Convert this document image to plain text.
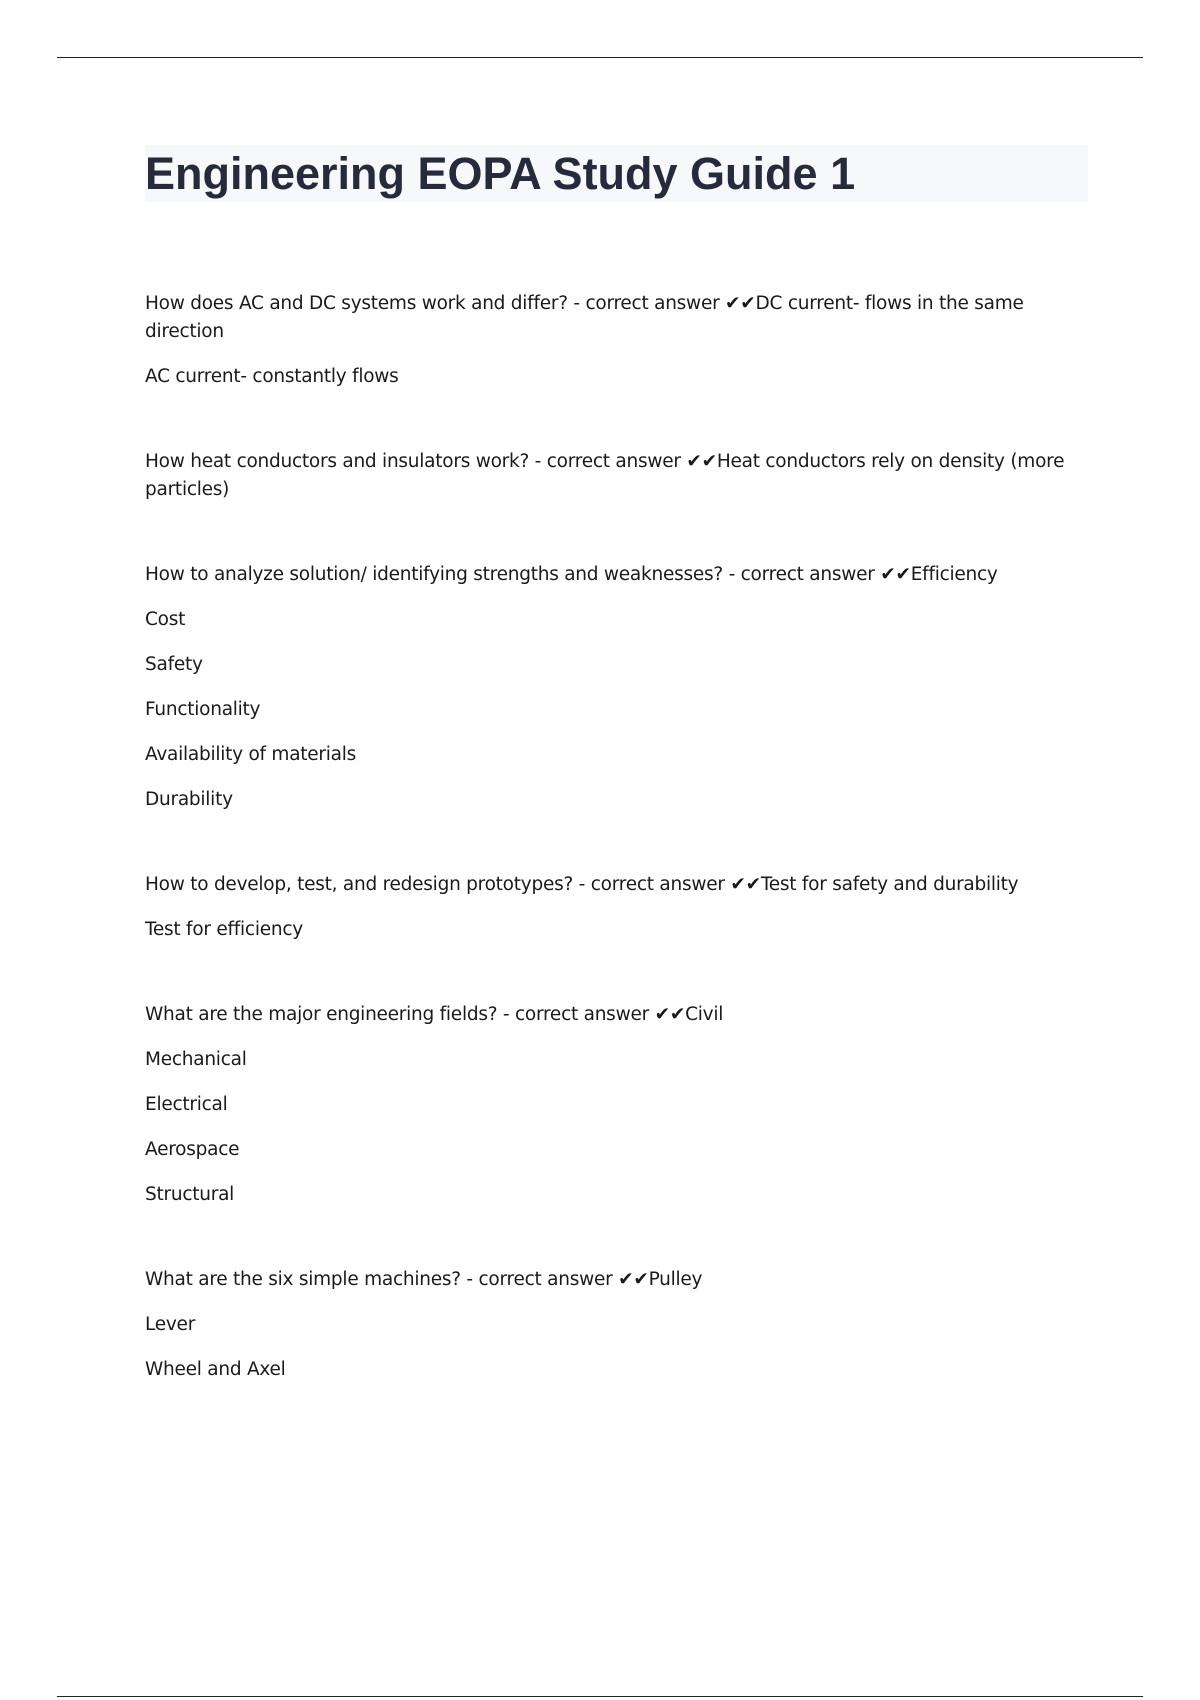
Engineering EOPA Study Guide 1

How does AC and DC systems work and differ? - correct answer ✔✔DC current- flows in the same direction

AC current- constantly flows

How heat conductors and insulators work? - correct answer ✔✔Heat conductors rely on density (more particles)

How to analyze solution/ identifying strengths and weaknesses? - correct answer ✔✔Efficiency

Cost

Safety

Functionality

Availability of materials

Durability

How to develop, test, and redesign prototypes? - correct answer ✔✔Test for safety and durability

Test for efficiency

What are the major engineering fields? - correct answer ✔✔Civil

Mechanical

Electrical

Aerospace

Structural

What are the six simple machines? - correct answer ✔✔Pulley

Lever

Wheel and Axel
